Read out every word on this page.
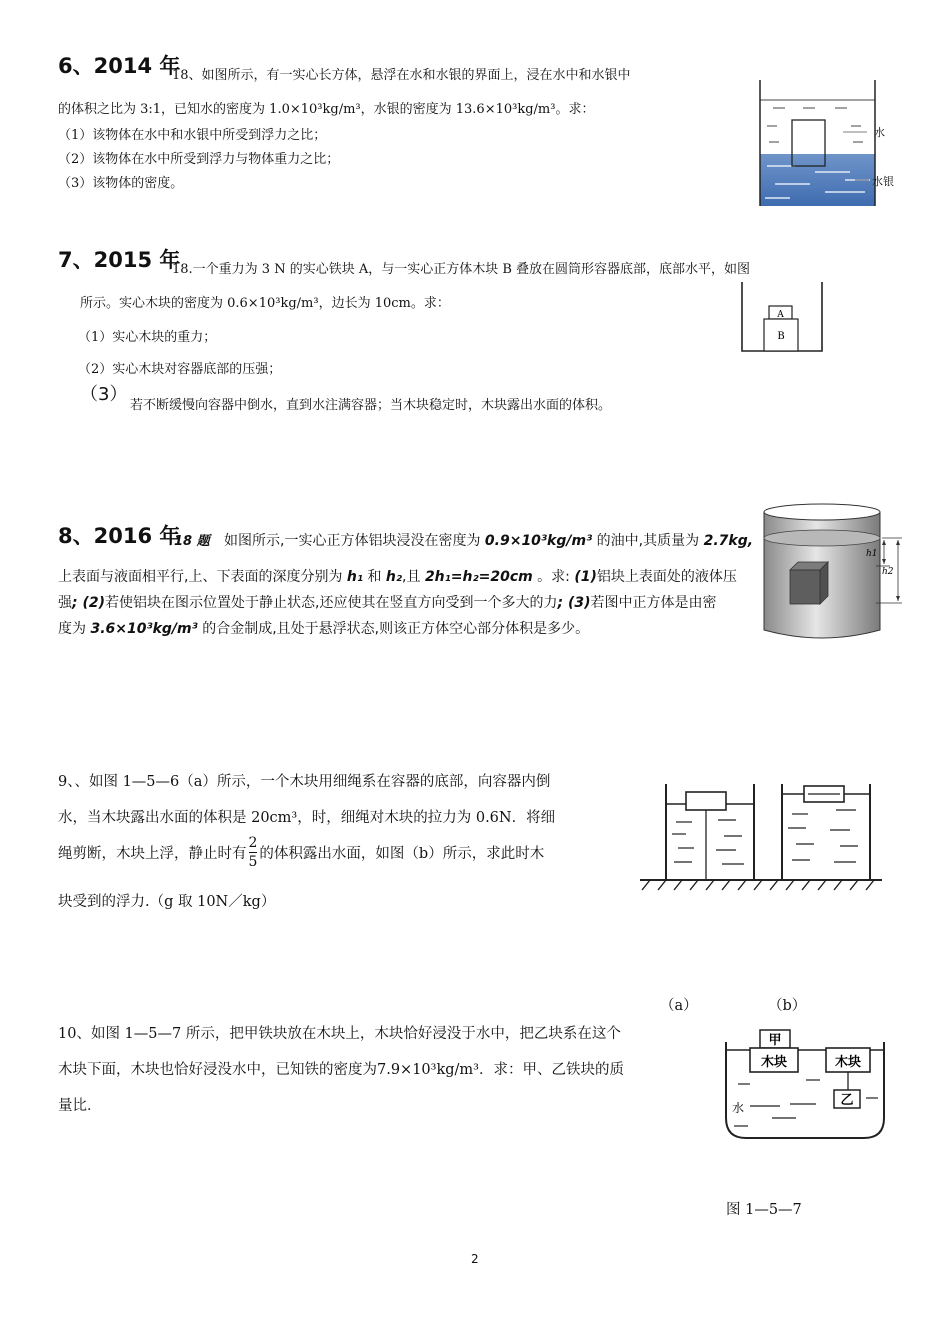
6、2014 年
18、如图所示，有一实心长方体，悬浮在水和水银的界面上，浸在水中和水银中
的体积之比为 3:1，已知水的密度为 1.0×10³kg/m³，水银的密度为 13.6×10³kg/m³。求：
（1）该物体在水中和水银中所受到浮力之比；
（2）该物体在水中所受到浮力与物体重力之比；
（3）该物体的密度。
水
水银
7、2015 年
18.一个重力为 3 N 的实心铁块 A，与一实心正方体木块 B 叠放在圆筒形容器底部，底部水平，如图
所示。实心木块的密度为 0.6×10³kg/m³，边长为 10cm。求：
（1）实心木块的重力；
（2）实心木块对容器底部的压强；
（3）
若不断缓慢向容器中倒水，直到水注满容器；当木块稳定时，木块露出水面的体积。
A
B
8、2016 年
18 题 如图所示,一实心正方体铝块浸没在密度为 0.9×10³kg/m³ 的油中,其质量为 2.7kg,
上表面与液面相平行,上、下表面的深度分别为 h₁ 和 h₂,且 2h₁=h₂=20cm 。求: (1)铝块上表面处的液体压
强; (2)若使铝块在图示位置处于静止状态,还应使其在竖直方向受到一个多大的力; (3)若图中正方体是由密
度为 3.6×10³kg/m³ 的合金制成,且处于悬浮状态,则该正方体空心部分体积是多少。
h1
h2
9、、如图 1—5—6（a）所示，一个木块用细绳系在容器的底部，向容器内倒
水，当木块露出水面的体积是 20cm³，时，细绳对木块的拉力为 0.6N．将细
绳剪断，木块上浮，静止时有 $\frac{2}{5}$ 的体积露出水面，如图（b）所示，求此时木
块受到的浮力.（g 取 10N／kg）
（a）	（b）
10、如图 1—5—7 所示，把甲铁块放在木块上，木块恰好浸没于水中，把乙块系在这个
木块下面，木块也恰好浸没水中，已知铁的密度为7.9×10³kg/m³．求：甲、乙铁块的质
量比．
甲
木块	木块
乙
水
图 1—5—7
2
